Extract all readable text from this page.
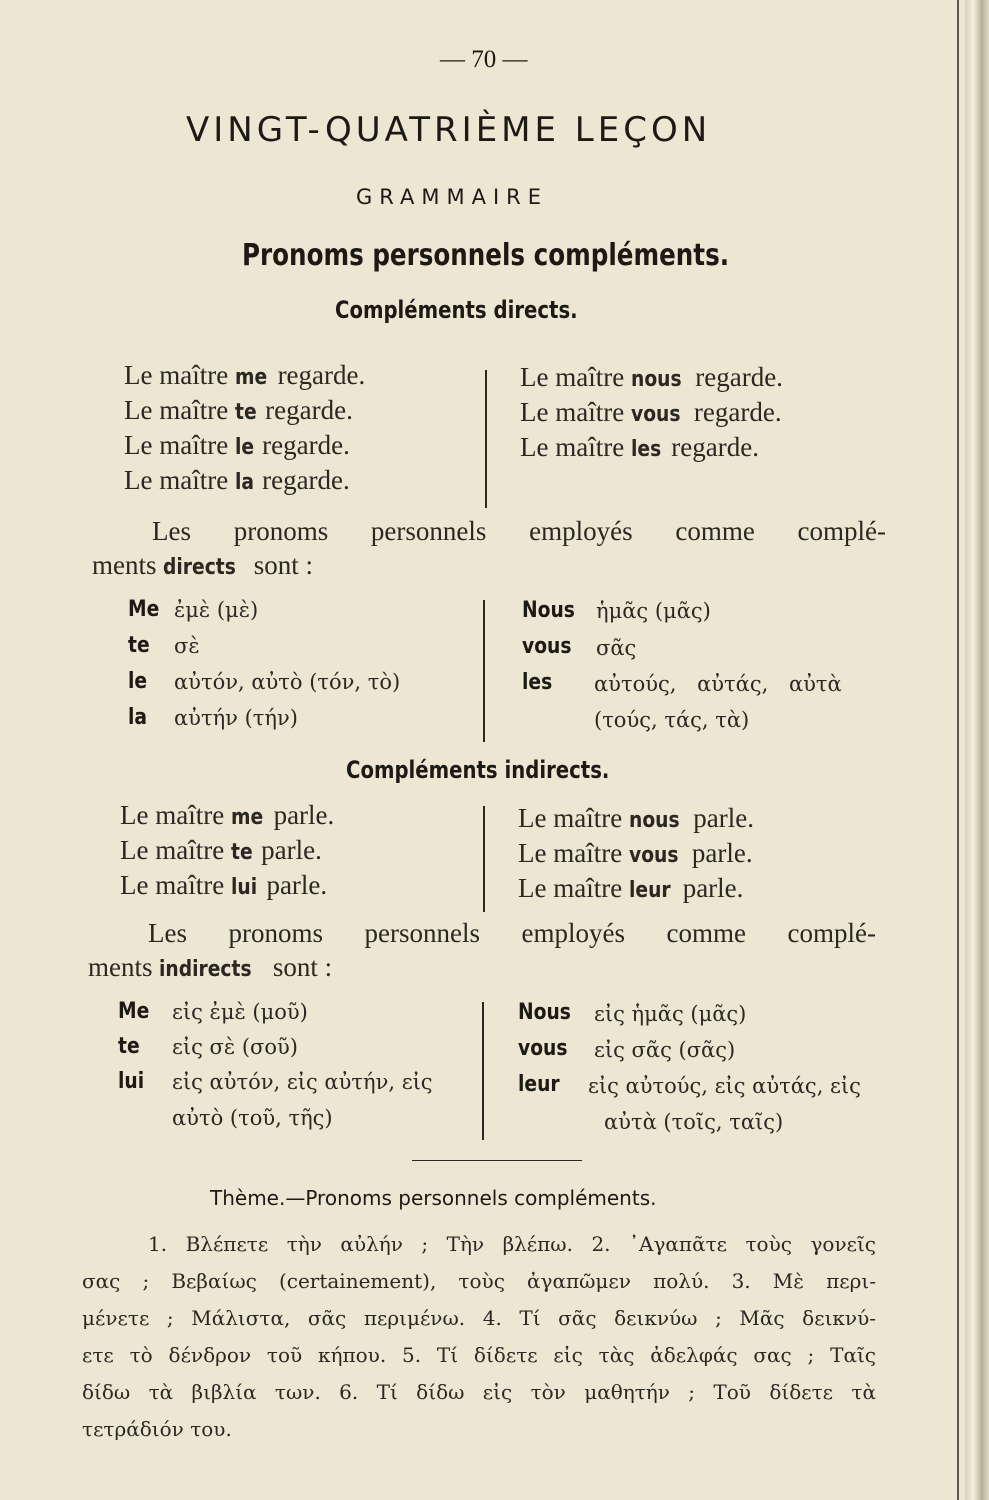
— 70 —
VINGT-QUATRIÈME LEÇON
GRAMMAIRE
Pronoms personnels compléments.
Compléments directs.
Le maître me regarde.
Le maître te regarde.
Le maître le regarde.
Le maître la regarde.
Le maître nous regarde.
Le maître vous regarde.
Le maître les regarde.
Les pronoms personnels employés comme complé-
ments directs sont :
Me ἐμὲ (μὲ)
te σὲ
le αὐτόν, αὐτὸ (τόν, τὸ)
la αὐτήν (τήν)
Nous ἡμᾶς (μᾶς)
vous σᾶς
les αὐτούς, αὐτάς, αὐτὰ
(τούς, τάς, τὰ)
Compléments indirects.
Le maître me parle.
Le maître te parle.
Le maître lui parle.
Le maître nous parle.
Le maître vous parle.
Le maître leur parle.
Les pronoms personnels employés comme complé-
ments indirects sont :
Me εἰς ἐμὲ (μοῦ)
te εἰς σὲ (σοῦ)
lui εἰς αὐτόν, εἰς αὐτήν, εἰς
αὐτὸ (τοῦ, τῆς)
Nous εἰς ἡμᾶς (μᾶς)
vous εἰς σᾶς (σᾶς)
leur εἰς αὐτούς, εἰς αὐτάς, εἰς
αὐτὰ (τοῖς, ταῖς)
Thème.—Pronoms personnels compléments.
1. Βλέπετε τὴν αὐλήν ; Τὴν βλέπω. 2. ᾿Αγαπᾶτε τοὺς γονεῖς
σας ; Βεβαίως (certainement), τοὺς ἀγαπῶμεν πολύ. 3. Μὲ περι-
μένετε ; Μάλιστα, σᾶς περιμένω. 4. Τί σᾶς δεικνύω ; Μᾶς δεικνύ-
ετε τὸ δένδρον τοῦ κήπου. 5. Τί δίδετε εἰς τὰς ἀδελφάς σας ; Ταῖς
δίδω τὰ βιβλία των. 6. Τί δίδω εἰς τὸν μαθητήν ; Τοῦ δίδετε τὰ
τετράδιόν του.
